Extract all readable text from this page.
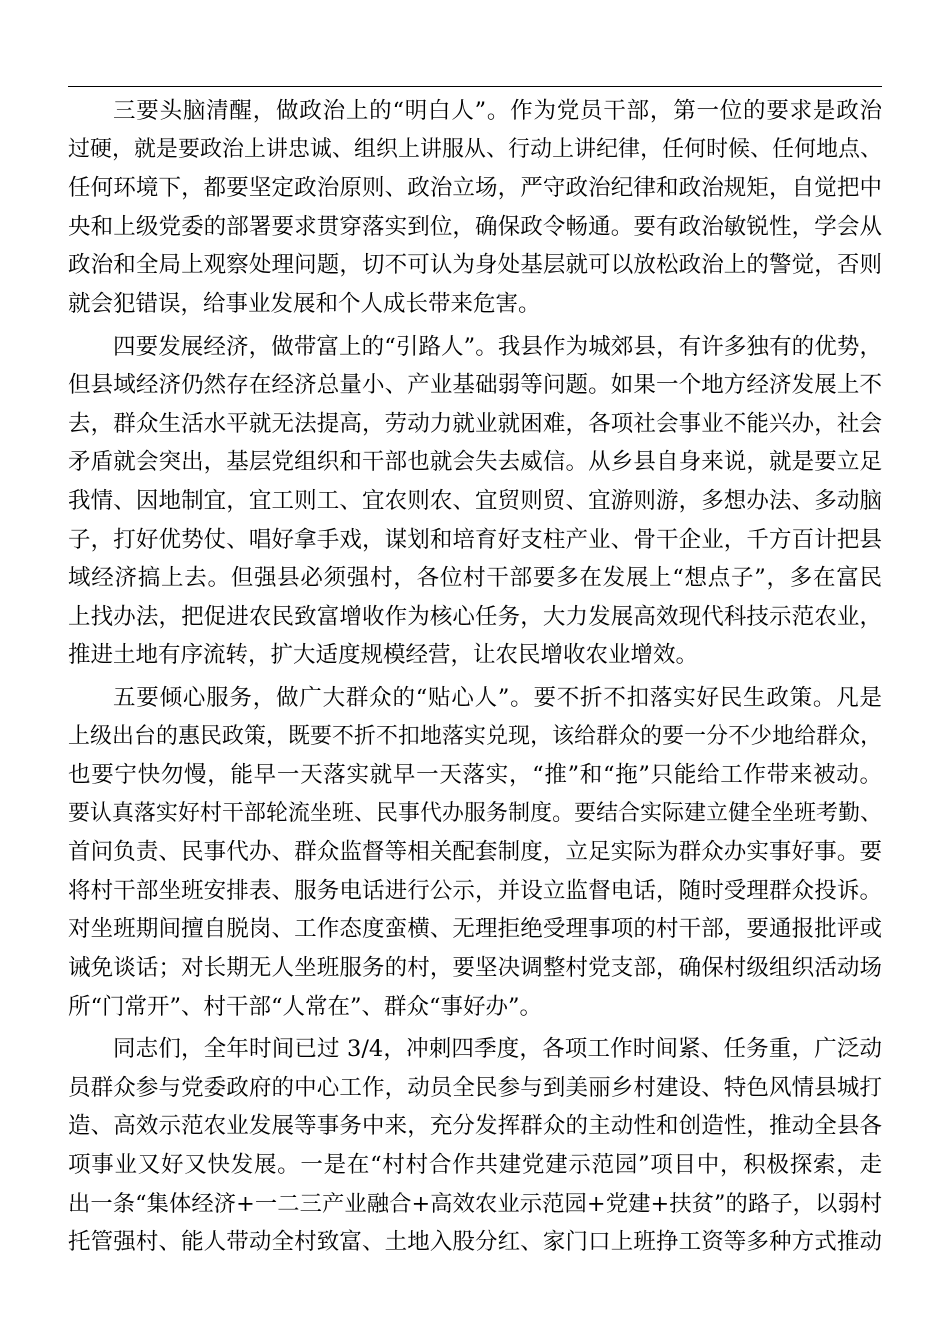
三要头脑清醒，做政治上的“明白人”。作为党员干部，第一位的要求是政治
过硬，就是要政治上讲忠诚、组织上讲服从、行动上讲纪律，任何时候、任何地点、
任何环境下，都要坚定政治原则、政治立场，严守政治纪律和政治规矩，自觉把中
央和上级党委的部署要求贯穿落实到位，确保政令畅通。要有政治敏锐性，学会从
政治和全局上观察处理问题，切不可认为身处基层就可以放松政治上的警觉，否则
就会犯错误，给事业发展和个人成长带来危害。
四要发展经济，做带富上的“引路人”。我县作为城郊县，有许多独有的优势，
但县域经济仍然存在经济总量小、产业基础弱等问题。如果一个地方经济发展上不
去，群众生活水平就无法提高，劳动力就业就困难，各项社会事业不能兴办，社会
矛盾就会突出，基层党组织和干部也就会失去威信。从乡县自身来说，就是要立足
我情、因地制宜，宜工则工、宜农则农、宜贸则贸、宜游则游，多想办法、多动脑
子，打好优势仗、唱好拿手戏，谋划和培育好支柱产业、骨干企业，千方百计把县
域经济搞上去。但强县必须强村，各位村干部要多在发展上“想点子”，多在富民
上找办法，把促进农民致富增收作为核心任务，大力发展高效现代科技示范农业，
推进土地有序流转，扩大适度规模经营，让农民增收农业增效。
五要倾心服务，做广大群众的“贴心人”。要不折不扣落实好民生政策。凡是
上级出台的惠民政策，既要不折不扣地落实兑现，该给群众的要一分不少地给群众，
也要宁快勿慢，能早一天落实就早一天落实，“推”和“拖”只能给工作带来被动。
要认真落实好村干部轮流坐班、民事代办服务制度。要结合实际建立健全坐班考勤、
首问负责、民事代办、群众监督等相关配套制度，立足实际为群众办实事好事。要
将村干部坐班安排表、服务电话进行公示，并设立监督电话，随时受理群众投诉。
对坐班期间擅自脱岗、工作态度蛮横、无理拒绝受理事项的村干部，要通报批评或
诫免谈话；对长期无人坐班服务的村，要坚决调整村党支部，确保村级组织活动场
所“门常开”、村干部“人常在”、群众“事好办”。
同志们，全年时间已过 3/4，冲刺四季度，各项工作时间紧、任务重，广泛动
员群众参与党委政府的中心工作，动员全民参与到美丽乡村建设、特色风情县城打
造、高效示范农业发展等事务中来，充分发挥群众的主动性和创造性，推动全县各
项事业又好又快发展。一是在“村村合作共建党建示范园”项目中，积极探索，走
出一条“集体经济+一二三产业融合+高效农业示范园+党建+扶贫”的路子，以弱村
托管强村、能人带动全村致富、土地入股分红、家门口上班挣工资等多种方式推动
